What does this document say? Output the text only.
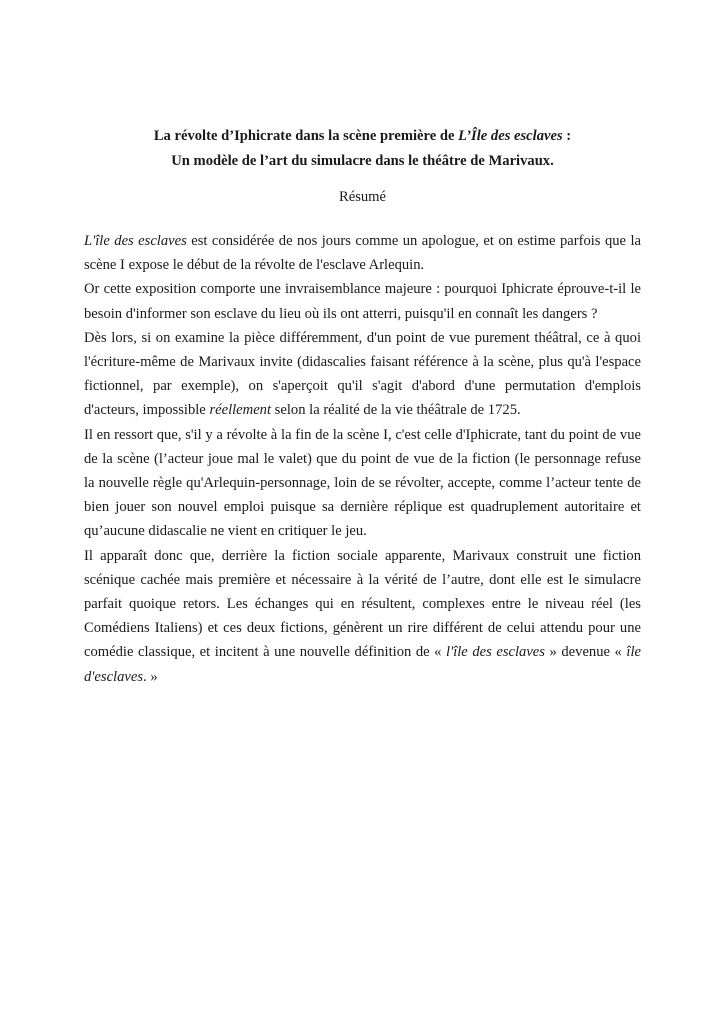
La révolte d’Iphicrate dans la scène première de L’Île des esclaves :
Un modèle de l’art du simulacre dans le théâtre de Marivaux.
Résumé

L'île des esclaves est considérée de nos jours comme un apologue, et on estime parfois que la scène I expose le début de la révolte de l'esclave Arlequin.

Or cette exposition comporte une invraisemblance majeure : pourquoi Iphicrate éprouve-t-il le besoin d'informer son esclave du lieu où ils ont atterri, puisqu'il en connaît les dangers ?

Dès lors, si on examine la pièce différemment, d'un point de vue purement théâtral, ce à quoi l'écriture-même de Marivaux invite (didascalies faisant référence à la scène, plus qu'à l'espace fictionnel, par exemple), on s'aperçoit qu'il s'agit d'abord d'une permutation d'emplois d'acteurs, impossible réellement selon la réalité de la vie théâtrale de 1725.

Il en ressort que, s'il y a révolte à la fin de la scène I, c'est celle d'Iphicrate, tant du point de vue de la scène (l’acteur joue mal le valet) que du point de vue de la fiction (le personnage refuse la nouvelle règle qu'Arlequin-personnage, loin de se révolter, accepte, comme l’acteur tente de bien jouer son nouvel emploi puisque sa dernière réplique est quadruplement autoritaire et qu’aucune didascalie ne vient en critiquer le jeu.

Il apparaît donc que, derrière la fiction sociale apparente, Marivaux construit une fiction scénique cachée mais première et nécessaire à la vérité de l’autre, dont elle est le simulacre parfait quoique retors. Les échanges qui en résultent, complexes entre le niveau réel (les Comédiens Italiens) et ces deux fictions, génèrent un rire différent de celui attendu pour une comédie classique, et incitent à une nouvelle définition de « l'île des esclaves » devenue « île d'esclaves. »
